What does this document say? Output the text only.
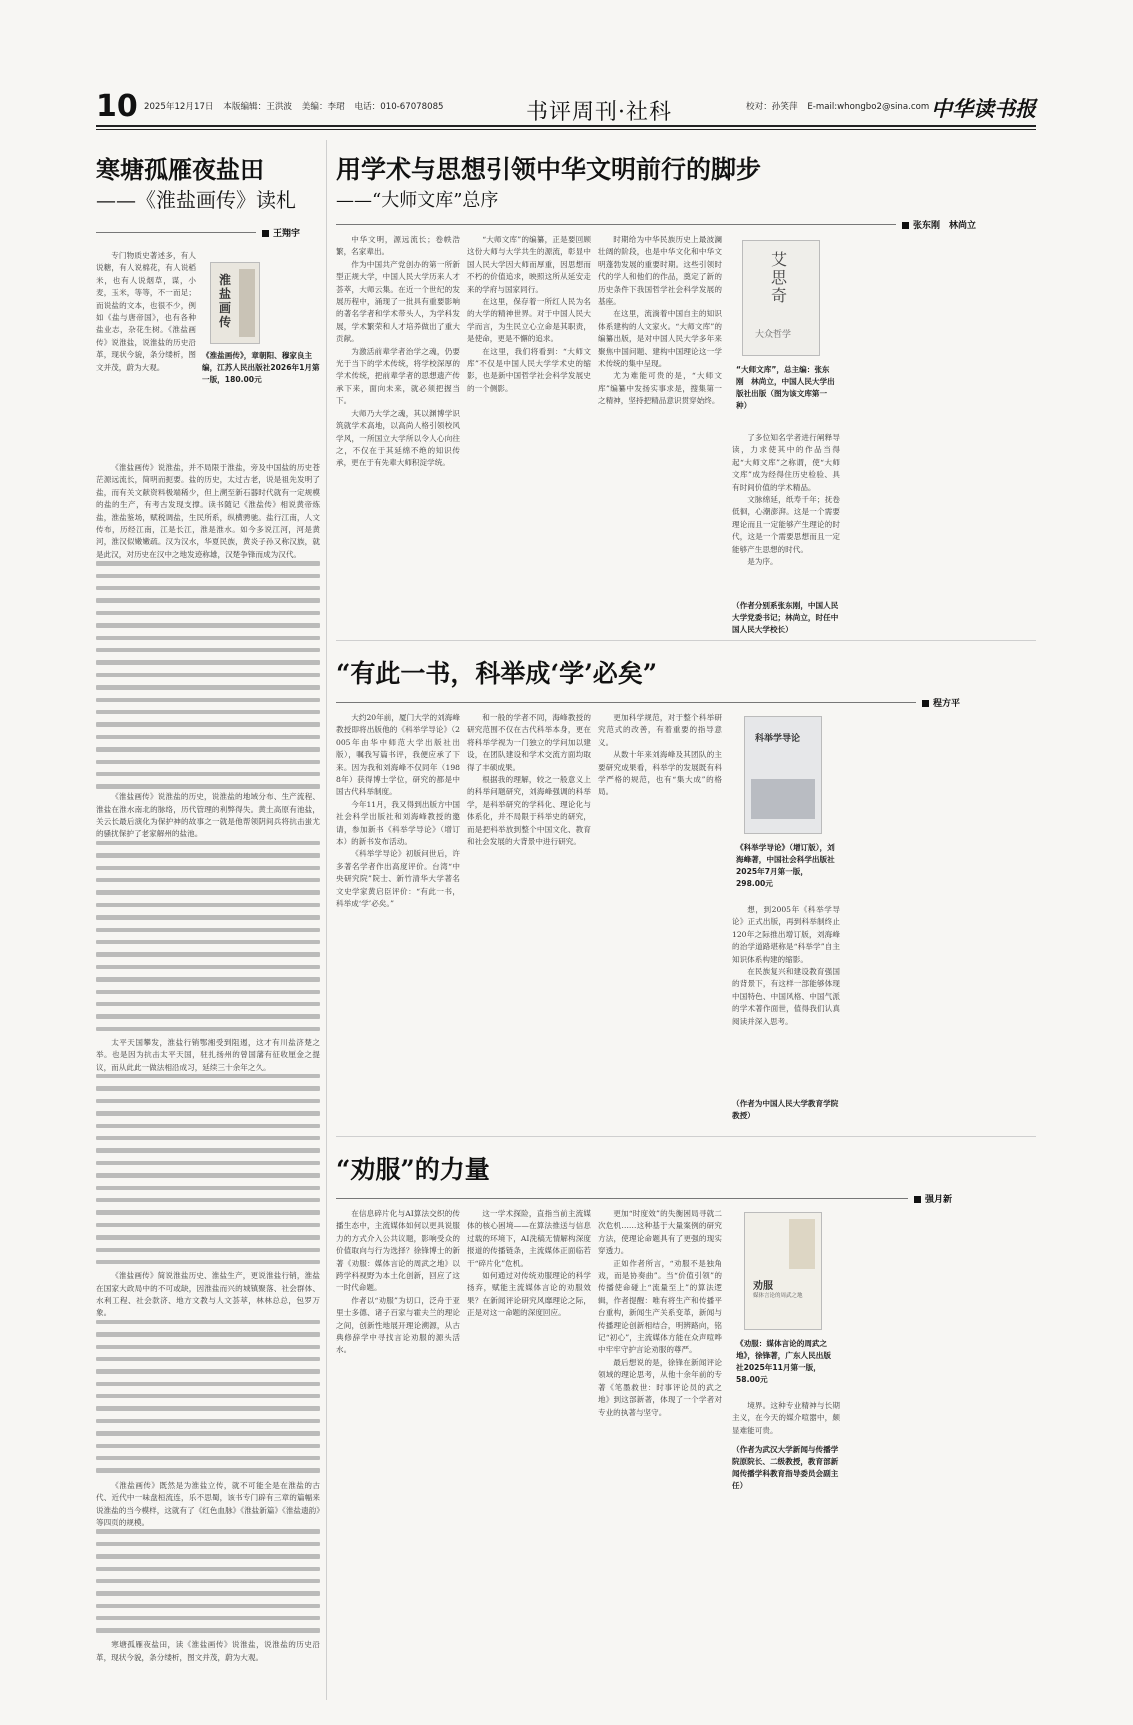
10 2025年12月17日 本版编辑：王洪波 美编：李珺 电话：010-67078085	书评周刊·社科	校对：孙笑萍 E-mail:whongbo2@sina.com 中华读书报
寒塘孤雁夜盐田
——《淮盐画传》读札
王翔宇

专门物质史著述多，有人说糖，有人说棉花，有人说稻米，也有人说烟草，谋，小麦，玉米，等等，不一而足；而说盐的文本，也很不少，例如《盐与唐帝国》，也有各种盐业志，杂花生树。《淮盐画传》说淮盐，说淮盐的历史沿革，现状今貌，条分缕析，图文并茂，蔚为大观。

淮盐画传
《淮盐画传》，章朝阳、穆家良主编，江苏人民出版社2026年1月第一版，180.00元

《淮盐画传》说淮盐，并不局限于淮盐，旁及中国盐的历史苍茫源远流长，简明而扼要。盐的历史，太过古老，说是祖先发明了盐，而有关文献资料极端稀少，但上溯至新石器时代就有一定规模的盐的生产，有考古发现支撑。读书随记《淮盐传》相说黄帝炼盐，淮盐鉴场，赋税调盐，生民所系，纵横骋驰。盐行江南，人文传布，历经江南，江是长江，淮是淮水。如今多说江河，河是黄河，淮汉似嫩嫩疏。汉为汉水，华夏民族，黄炎子孙又称汉族，就是此汉，对历史在汉中之地发迹称雄，汉楚争锋而成为汉代。

《淮盐画传》说淮盐的历史，说淮盐的地域分布、生产流程、淮盐在淮水南北的脉络，历代管理的利弊得失。黄土高原有池盐，关云长最后演化为保护神的故事之一就是他帮领阴间兵将抗击蚩尤的骚扰保护了老家解州的盐池。

太平天国攀发，淮盐行销鄂湘受到阻遏，这才有川盐济楚之举。也是因为抗击太平天国，驻扎扬州的曾国藩有征收厘金之提议，而从此此一做法相沿成习，延续三十余年之久。

《淮盐画传》简说淮盐历史、淮盐生产，更说淮盐行销，淮盐在国家大政局中的不可或缺，因淮盐而兴的城镇聚落、社会群体、水利工程、社会款济、地方文教与人文荟萃，林林总总，包罗万象。

《淮盐画传》既然是为淮盐立传，就不可能全是在淮盐的古代、近代中一味盘桓流连，乐不思蜀，该书专门辟有三章的篇幅来说淮盐的当今模样，这就有了《红色血脉》《淮盐新篇》《淮盐遗韵》等四页的规模。

寒塘孤雁夜盐田，读《淮盐画传》说淮盐，说淮盐的历史沿革，现状今貌，条分缕析，图文并茂，蔚为大观。

用学术与思想引领中华文明前行的脚步
——“大师文库”总序
张东刚　林尚立

中华文明，源远流长；卷帙浩繁，名家辈出。

作为中国共产党创办的第一所新型正规大学，中国人民大学历来人才荟萃，大师云集。在近一个世纪的发展历程中，涌现了一批具有重要影响的著名学者和学术带头人，为学科发展，学术繁荣和人才培养做出了重大贡献。

为激活前辈学者治学之魂，仍要光于当下的学术传统，将学校深厚的学术传统，把前辈学者的思想遗产传承下来，面向未来，就必须把握当下。

大师乃大学之魂，其以渊博学识筑就学术高地，以高尚人格引领校风学风，一所国立大学所以令人心向往之，不仅在于其延绵不绝的知识传承，更在于有先辈大师积淀学统。

“大师文库”的编纂，正是要回顾这份大师与大学共生的源流，彰显中国人民大学因大师而厚重，因思想而不朽的价值追求，映照这所从延安走来的学府与国家同行。

在这里，保存着一所红人民为名的大学的精神世界。对于中国人民大学而言，为生民立心立命是其职责，是使命，更是不懈的追求。

在这里，我们将看到：“大师文库”不仅是中国人民大学学术史的缩影，也是新中国哲学社会科学发展史的一个侧影。

时期给为中华民族历史上最波澜壮阔的阶段，也是中华文化和中华文明蓬勃发展的重要时期。这些引领时代的学人和他们的作品，奠定了新的历史条件下我国哲学社会科学发展的基座。

在这里，流淌着中国自主的知识体系建构的人文家火。“大师文库”的编纂出版，是对中国人民大学多年来聚焦中国问题、建构中国理论这一学术传统的集中呈现。

尤为难能可贵的是，“大师文库”编纂中发扬实事求是，搜集第一之精神，坚持把精品意识贯穿始终。

艾思奇
大众哲学
“大师文库”，总主编：张东刚　林尚立，中国人民大学出版社出版（图为该文库第一种）

了多位知名学者进行阐释导读，力求使其中的作品当得起“大师文库”之称谓，使“大师文库”成为经得住历史检验、具有时间价值的学术精品。

文脉绵延，纸寿千年；抚卷低徊，心潮澎湃。这是一个需要理论而且一定能够产生理论的时代，这是一个需要思想而且一定能够产生思想的时代。

是为序。

（作者分别系张东刚，中国人民大学党委书记；林尚立，时任中国人民大学校长）
“有此一书，科举成‘学’必矣”
程方平

大约20年前，厦门大学的刘海峰教授即将出版他的《科举学导论》（2005年由华中师范大学出版社出版），嘱我写篇书评，我便应承了下来。因为我和刘海峰不仅同年（1988年）获得博士学位，研究的都是中国古代科举制度。

今年11月，我又得到出版方中国社会科学出版社和刘海峰教授的邀请，参加新书《科举学导论》（增订本）的新书发布活动。

《科举学导论》初版问世后，许多著名学者作出高度评价。台湾“中央研究院”院士、新竹清华大学著名文史学家黄启臣评价：“有此一书，科举成‘学’必矣。”

和一般的学者不同，海峰教授的研究范围不仅在古代科举本身，更在将科举学视为一门独立的学问加以建设，在团队建设和学术交流方面均取得了丰硕成果。

根据我的理解，较之一般意义上的科举问题研究，刘海峰强调的科举学，是科举研究的学科化、理论化与体系化，并不局限于科举史的研究，而是把科举放到整个中国文化、教育和社会发展的大背景中进行研究。

更加科学规范，对于整个科举研究范式的改善，有着重要的指导意义。

从数十年来刘海峰及其团队的主要研究成果看，科举学的发展既有科学严格的规范，也有“集大成”的格局。

科举学导论
《科举学导论》（增订版），刘海峰著，中国社会科学出版社2025年7月第一版，298.00元

想，到2005年《科举学导论》正式出版，再到科举制终止120年之际推出增订版，刘海峰的治学道路堪称是“科举学”自主知识体系构建的缩影。

在民族复兴和建设教育强国的背景下，有这样一部能够体现中国特色、中国风格、中国气派的学术著作面世，值得我们认真阅读并深入思考。

（作者为中国人民大学教育学院教授）
“劝服”的力量
强月新

在信息碎片化与AI算法交织的传播生态中，主流媒体如何以更具说服力的方式介入公共议题，影响受众的价值取向与行为选择？徐锋博士的新著《劝服：媒体言论的周武之地》以跨学科视野为本土化创新，回应了这一时代命题。

作者以“劝服”为切口，泛舟于亚里士多德、诸子百家与霍夫兰的理论之间，创新性地展开理论溯源，从古典修辞学中寻找言论劝服的源头活水。

这一学术探险，直指当前主流媒体的核心困境——在算法推送与信息过载的环境下，AI洗稿无情解构深度报道的传播链条，主流媒体正面临若干“碎片化”危机。

如何通过对传统劝服理论的科学扬弃，赋能主流媒体言论的劝服效果？在新闻评论研究风靡理论之际，正是对这一命题的深度回应。

更加“时度效”的失衡困局寻就二次危机……这种基于大量案例的研究方法，使理论命题具有了更强的现实穿透力。

正如作者所言，“劝服不是独角戏，而是协奏曲”。当“价值引领”的传播使命碰上“流量至上”的算法逻辑，作者提醒：唯有将生产和传播平台重构，新闻生产关系变革，新闻与传播理论创新相结合，明辨路向，铭记“初心”，主流媒体方能在众声喧哗中牢牢守护言论劝服的尊严。

最后想说的是，徐锋在新闻评论领域的理论思考，从他十余年前的专著《笔墨救世：时事评论员的武之地》到这部新著，体现了一个学者对专业的执著与坚守。

劝服
媒体言论的周武之地
《劝服：媒体言论的周武之地》，徐锋著，广东人民出版社2025年11月第一版，58.00元

境界。这种专业精神与长期主义，在今天的媒介喧嚣中，颇显难能可贵。

（作者为武汉大学新闻与传播学院原院长、二级教授，教育部新闻传播学科教育指导委员会副主任）
